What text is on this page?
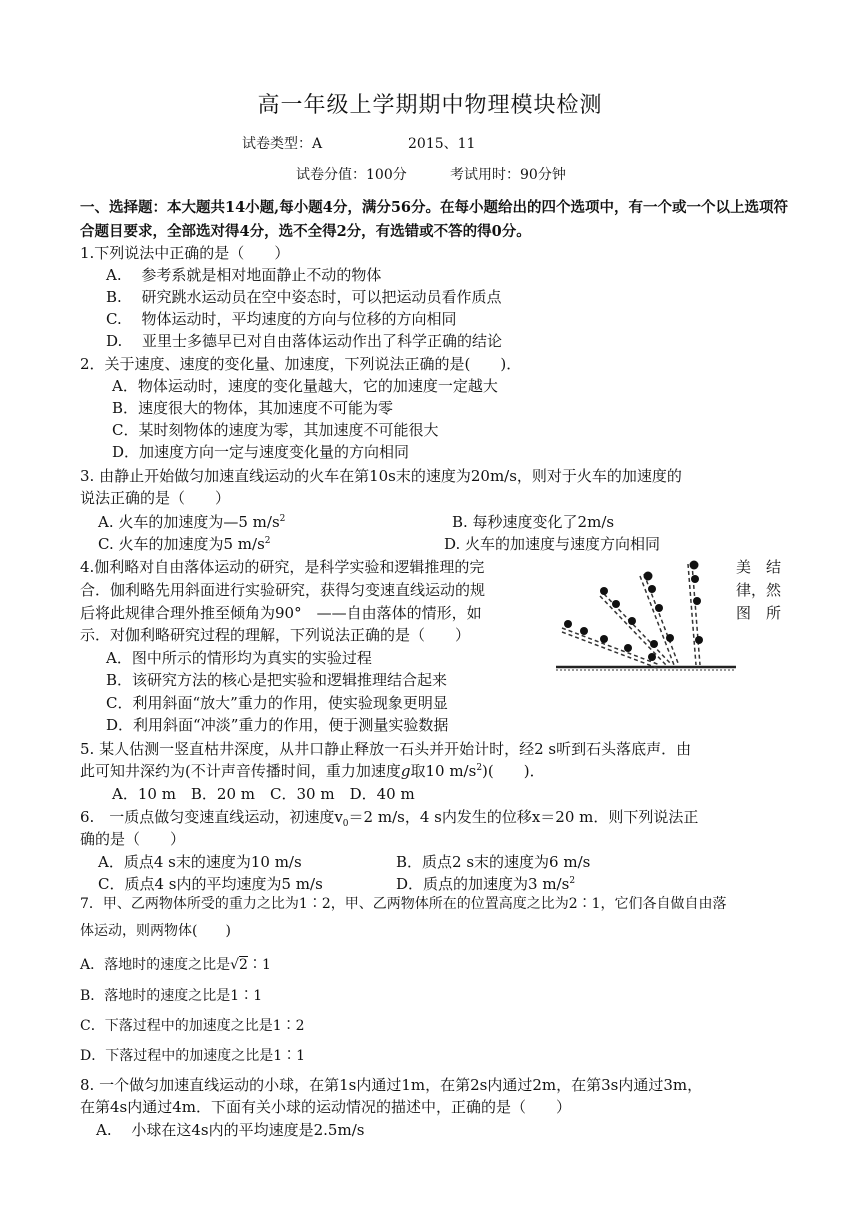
高一年级上学期期中物理模块检测
试卷类型：A	2015、11
试卷分值：100分	考试用时：90分钟
一、选择题：本大题共14小题,每小题4分，满分56分。在每小题给出的四个选项中，有一个或一个以上选项符合题目要求，全部选对得4分，选不全得2分，有选错或不答的得0分。
1.下列说法中正确的是（　　）
A.　 参考系就是相对地面静止不动的物体
B.　 研究跳水运动员在空中姿态时，可以把运动员看作质点
C.　 物体运动时，平均速度的方向与位移的方向相同
D.　 亚里士多德早已对自由落体运动作出了科学正确的结论
2．关于速度、速度的变化量、加速度，下列说法正确的是(　　)．
A．物体运动时，速度的变化量越大，它的加速度一定越大
B．速度很大的物体，其加速度不可能为零
C．某时刻物体的速度为零，其加速度不可能很大
D．加速度方向一定与速度变化量的方向相同
3. 由静止开始做匀加速直线运动的火车在第10s末的速度为20m/s，则对于火车的加速度的
说法正确的是（　　）
A. 火车的加速度为—5 $m/s^2$	B. 每秒速度变化了2m/s
C. 火车的加速度为5 $m/s^2$	D. 火车的加速度与速度方向相同
4.伽利略对自由落体运动的研究，是科学实验和逻辑推理的完	美　结
合．伽利略先用斜面进行实验研究，获得匀变速直线运动的规	律，然
后将此规律合理外推至倾角为90°　——自由落体的情形，如	图　所
示．对伽利略研究过程的理解，下列说法正确的是（　　）
A．图中所示的情形均为真实的实验过程
B．该研究方法的核心是把实验和逻辑推理结合起来
C．利用斜面“放大”重力的作用，使实验现象更明显
D．利用斜面“冲淡”重力的作用，便于测量实验数据
5. 某人估测一竖直枯井深度，从井口静止释放一石头并开始计时，经2 s听到石头落底声．由
此可知井深约为(不计声音传播时间，重力加速度g取10 $m/s^2$)(　　)．
A．10 m　B．20 m　C．30 m　D．40 m
6.　一质点做匀变速直线运动，初速度$v_0=2$ m/s，4 s内发生的位移x＝20 m．则下列说法正
确的是（　　）
A．质点4 s末的速度为10 m/s	B．质点2 s末的速度为6 m/s
C．质点4 s内的平均速度为5 m/s	D．质点的加速度为3 $m/s^2$
7．甲、乙两物体所受的重力之比为1∶2，甲、乙两物体所在的位置高度之比为2∶1，它们各自做自由落
体运动，则两物体(　　)
A．落地时的速度之比是√2∶1
B．落地时的速度之比是1∶1
C．下落过程中的加速度之比是1∶2
D．下落过程中的加速度之比是1∶1
8. 一个做匀加速直线运动的小球，在第1s内通过1m，在第2s内通过2m，在第3s内通过3m，
在第4s内通过4m．下面有关小球的运动情况的描述中，正确的是（　　）
A.　 小球在这4s内的平均速度是2.5m/s
